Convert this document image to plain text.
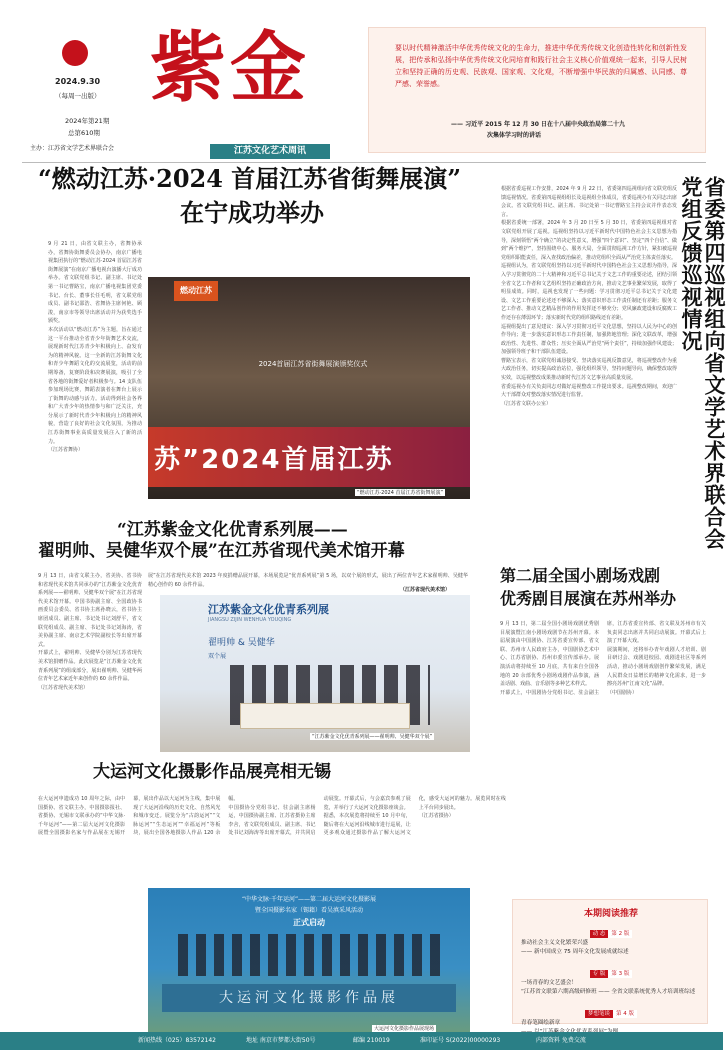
2024.9.30
（每周一出版）
2024年第21期
总第610期
主办：江苏省文学艺术界联合会
紫金
江苏文化艺术周讯
要以时代精神激活中华优秀传统文化的生命力，推进中华优秀传统文化创造性转化和创新性发展，把传承和弘扬中华优秀传统文化同培育和践行社会主义核心价值观统一起来，引导人民树立和坚持正确的历史观、民族观、国家观、文化观，不断增强中华民族的归属感、认同感、尊严感、荣誉感。
—— 习近平 2015 年 12 月 30 日在十八届中央政治局第二十九
次集体学习时的讲话
“燃动江苏·2024 首届江苏省街舞展演”
在宁成功举办
9 月 21 日，由省文联主办，省舞协承办，省舞协街舞委员会协办，南京广播电视集团执行的“燃动江苏·2024 首届江苏省街舞展演”在南京广播电视台演播大厅成功举办。省文联党组书记、副主席、书记处第一书记曹路宝，南京广播电视集团党委书记、台长、董事长任毛明，省文联党组成员、副书记邵浩、省舞协主席何艳、顾浚，南京市等领导出席活动并为获奖选手颁奖。
本次活动以“燃动江苏”为主题，旨在通过这一平台推动全省青少年街舞艺术交流，展现新时代江苏青少年积极向上、奋发有为的精神风貌。这一全新的江苏街舞文化和青少年舞蹈文化的交流展览，活动的前期筹备，复赛阶段和决赛展演，吸引了全省各地的街舞爱好者积极参与。14 支队伍参加现场比赛，舞蹈表演者在舞台上展示了街舞的动感与活力。活动得到社会各界和广大青少年的热情参与和广泛关注，充分展示了新时代青少年积极向上的精神风貌，营造了良好的社会文化氛围，为推动江苏街舞事业高质量发展注入了新的活力。
（江苏省舞协）
燃动江苏
2024首届江苏省街舞展演颁奖仪式
苏”2024首届江苏
“燃动江苏·2024 首届江苏省街舞展演”
“江苏紫金文化优青系列展——
翟明帅、吴健华双个展”在江苏省现代美术馆开幕
9 月 13 日，由省文联主办，省美协、省书协和省现代美术馆共同承办的“江苏紫金文化优青系列展——翟明帅、吴健华双个展”在江苏省现代美术馆开幕。中国书协副主席、全国政协书画委员会委员、省书协主席孙晓云，省书协主席团成员、副主席、书记处书记刘舒平，省文联党组成员、副主席、书记处书记刘海涛，省美协副主席、南京艺术学院副校长等出席开幕式。
开幕式上，翟明帅、吴健华分别为江苏省现代美术馆捐赠作品。此次展览是“江苏紫金文化优青系列展”的组成部分，展出翟明帅、吴健华两位青年艺术家近年来创作的 60 余件作品。
（江苏省现代美术馆）
展”在江苏省现代美术馆 2023 年度捐赠品展开幕，本场展览是“优青系列展”第 5 场，以双个展的形式，展出了两位青年艺术家翟明帅、吴健华精心创作的 60 余件作品。
（江苏省现代美术馆）
江苏紫金文化优青系列展
JIANGSU ZIJIN WENHUA YOUQING
翟明帅 & 吴健华
双个展
“江苏紫金文化优青系列展——翟明帅、吴健华双个展”
大运河文化摄影作品展亮相无锡
在大运河申遗成功 10 周年之际，由中国摄协、省文联主办，中国摄影报社、省摄协、无锡市文联承办的“中华文脉·千年运河”——第二届大运河文化摄影展暨全国摄影名家与作品展在无锡开幕，展出作品以大运河为主线，集中展现了大运河沿线的历史文化、自然风光和城市变迁。展览分为“古韵运河”“文脉运河”“生态运河”“幸福运河”等板块，展出全国各地摄影人作品 120 余幅。
中国摄协分党组书记、驻会副主席杨运，中国摄协副主席、江苏省摄协主席李舍，省文联党组成员、副主席、书记处书记刘海涛等出席开幕式，并共同启动展览。开幕式后，与会嘉宾参观了展览，并举行了大运河文化摄影座谈会。
据悉，本次展览将持续至 10 月中旬，随后将在大运河沿线城市进行巡展，让更多观众通过摄影作品了解大运河文化，感受大运河的魅力。展览同时在线上平台同步展出。
（江苏省摄协）
“中华文脉·千年运河”——第二届大运河文化摄影展
暨全国摄影名家（锡籍）看吴滇采风活动
正式启动
大运河文化摄影作品展
大运河文化摄影作品展现场
根据省委巡视工作安排，2024 年 9 月 22 日，省委第四巡视组向省文联党组反馈巡视情况。省委第四巡视组组长及巡视组全体成员，省委巡视办有关同志出席会议。省文联党组书记、副主席、书记处第一书记曹路宝主持会议并作表态发言。
根据省委统一部署，2024 年 3 月 20 日至 5 月 30 日，省委第四巡视组对省文联党组开展了巡视。巡视组坚持以习近平新时代中国特色社会主义思想为指导，深刻领悟“两个确立”的决定性意义，增强“四个意识”、坚定“四个自信”、做到“两个维护”，坚持围绕中心、服务大局，全面贯彻巡视工作方针，紧扣被巡视党组织职能责任，深入查找政治偏差，推动党组织全面从严治党主体责任落实。
巡视组认为，省文联党组坚持以习近平新时代中国特色社会主义思想为指导，深入学习贯彻党的二十大精神和习近平总书记关于文艺工作的重要论述，团结引领全省文艺工作者和文艺组织坚持正确政治方向，推动文艺事业繁荣发展，取得了明显成效。同时，巡视也发现了一些问题：学习贯彻习近平总书记关于文化建设、文艺工作重要论述还不够深入；落实意识形态工作责任制还有差距；服务文艺工作者、推动文艺精品创作的作用发挥还不够充分；党风廉政建设和反腐败工作还存在薄弱环节；落实新时代党的组织路线还有差距。
巡视组提出了意见建议：深入学习贯彻习近平文化思想，坚持以人民为中心的创作导向；进一步落实意识形态工作责任制，加强阵地管理；深化文联改革，增强政治性、先进性、群众性；压实全面从严治党“两个责任”，持续加强作风建设；加强领导班子和干部队伍建设。
曹路宝表示，省文联党组诚恳接受、坚决落实巡视反馈意见，将巡视整改作为重大政治任务，切实提高政治站位，强化组织领导，坚持问题导向，确保整改取得实效，以巡视整改成果推动新时代江苏文艺事业高质量发展。
省委巡视办有关负责同志对做好巡视整改工作提出要求。巡视整改期间，欢迎广大干部群众对整改落实情况进行监督。
（江苏省文联办公室）	省委第四巡视组向省文学艺术界联合会党组反馈巡视情况
第二届全国小剧场戏剧
优秀剧目展演在苏州举办
9 月 13 日，第二届全国小剧场戏剧优秀剧目展演暨江南小剧场戏剧节在苏州开幕。本届展演由中国剧协、江苏省委宣传部、省文联、苏州市人民政府主办，中国剧协艺术中心、江苏省剧协、苏州市委宣传部承办。展演活动将持续至 10 月底，共有来自全国各地的 20 余部优秀小剧场戏剧作品参演，涵盖话剧、戏曲、音乐剧等多种艺术样式。
开幕式上，中国剧协分党组书记、驻会副主席，江苏省委宣传部、省文联及苏州市有关负责同志出席并共同启动展演。开幕式后上演了开幕大戏。
展演期间，还将举办青年戏剧人才培训、剧目研讨会、戏剧进校园、戏剧进社区等系列活动，推动小剧场戏剧创作繁荣发展，满足人民群众日益增长的精神文化需求，进一步擦亮苏州“江南文化”品牌。
（中国剧协）
本期阅读推荐
动 态 第 2 版
推动社会主义文化繁荣兴盛
—— 新中国成立 75 周年文化发展成就综述
专 版 第 3 版
一场青春的文艺盛会！
“江苏省文联第六期高级研修班 —— 全省文联系统优秀人才培训班综述
梦想笔谈 第 4 版
青春笔圈绘新章
新闻热线（025）83572142	地址 南京市梦都大街50号	邮编 210019	准印证号 S(2022)00000293	内部资料 免费交流
